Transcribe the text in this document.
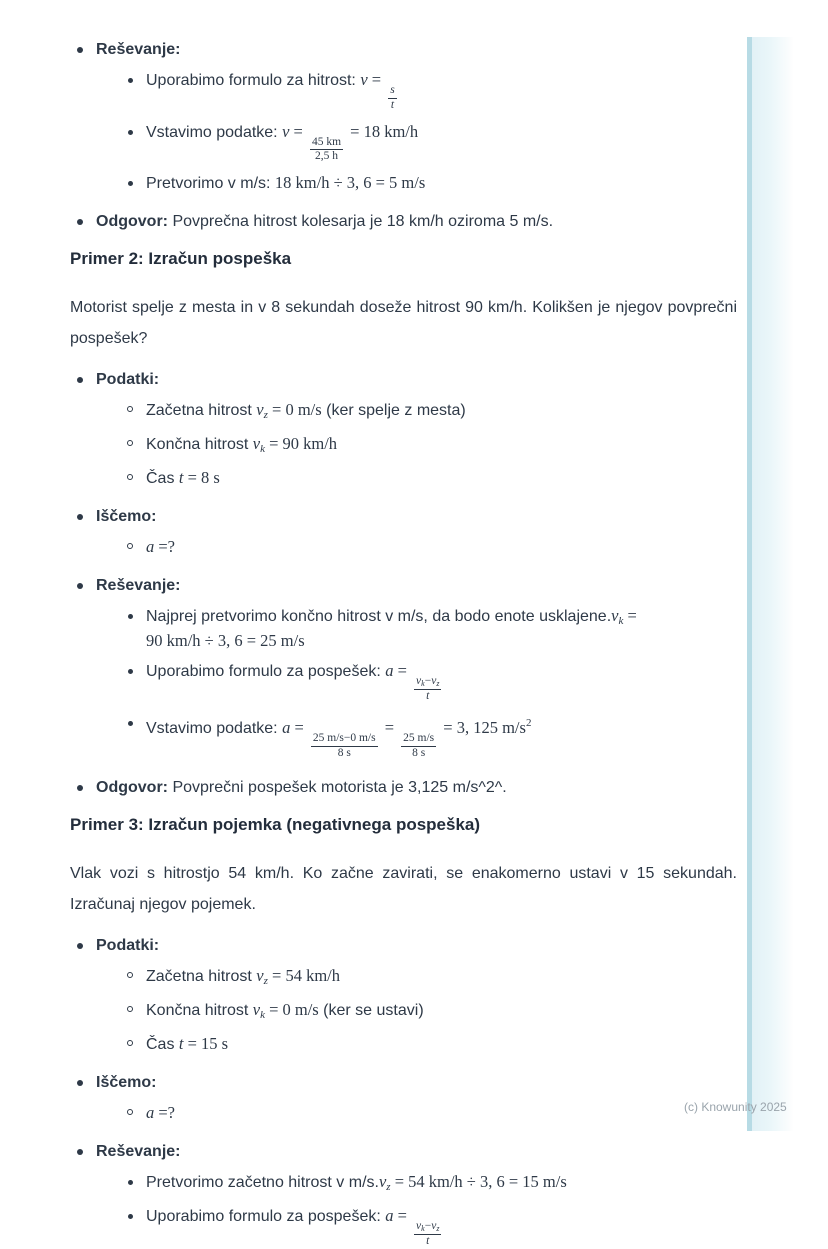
(c) Knowunity 2025
Reševanje:
Uporabimo formulo za hitrost: v =
$\frac{s}{t}$
Vstavimo podatke: v =
$\frac{45 km}{2,5 h}$
= 18 km/h
Pretvorimo v m/s: 18 km/h ÷ 3, 6 = 5 m/s
Odgovor: Povprečna hitrost kolesarja je 18 km/h oziroma 5 m/s.
Primer 2: Izračun pospeška

Motorist spelje z mesta in v 8 sekundah doseže hitrost 90 km/h. Kolikšen je njegov povprečni pospešek?

Podatki:
Začetna hitrost vz = 0 m/s (ker spelje z mesta)
Končna hitrost vk = 90 km/h
Čas t = 8 s
Iščemo:
a =?
Reševanje:
Najprej pretvorimo končno hitrost v m/s, da bodo enote usklajene.vk =
90 km/h ÷ 3, 6 = 25 m/s
Uporabimo formulo za pospešek: a =
$\frac{vk-vz}{t}$
Vstavimo podatke: a =
$\frac{25 m/s-0 m/s}{8 s}$
=
$\frac{25 m/s}{8 s}$
= 3, 125 $m/s^2$
Odgovor: Povprečni pospešek motorista je 3,125 m/s^2^.
Primer 3: Izračun pojemka (negativnega pospeška)

Vlak vozi s hitrostjo 54 km/h. Ko začne zavirati, se enakomerno ustavi v 15 sekundah. Izračunaj njegov pojemek.

Podatki:
Začetna hitrost vz = 54 km/h
Končna hitrost vk = 0 m/s (ker se ustavi)
Čas t = 15 s
Iščemo:
a =?
Reševanje:
Pretvorimo začetno hitrost v m/s.vz = 54 km/h ÷ 3, 6 = 15 m/s
Uporabimo formulo za pospešek: a =
$\frac{vk-vz}{t}$
